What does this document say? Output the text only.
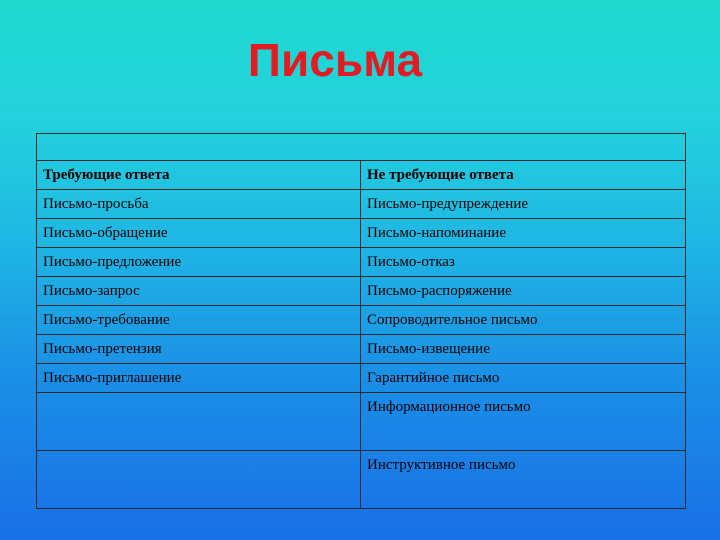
Письма

Требующие ответа	Не требующие ответа
Письмо-просьба	Письмо-предупреждение
Письмо-обращение	Письмо-напоминание
Письмо-предложение	Письмо-отказ
Письмо-запрос	Письмо-распоряжение
Письмо-требование	Сопроводительное письмо
Письмо-претензия	Письмо-извещение
Письмо-приглашение	Гарантийное письмо
	Информационное письмо
	Инструктивное письмо
